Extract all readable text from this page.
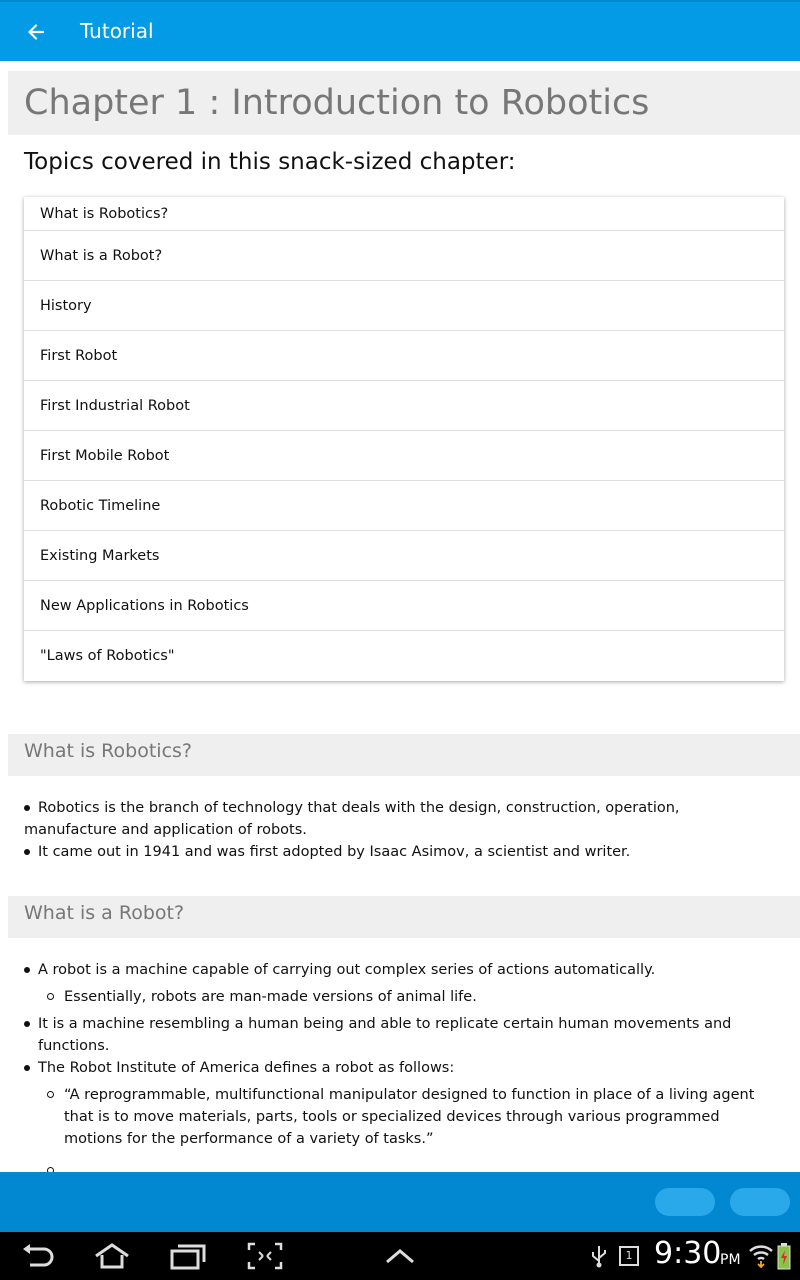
Tutorial
Chapter 1 : Introduction to Robotics
Topics covered in this snack-sized chapter:
What is Robotics?
What is a Robot?
History
First Robot
First Industrial Robot
First Mobile Robot
Robotic Timeline
Existing Markets
New Applications in Robotics
"Laws of Robotics"
What is Robotics?
Robotics is the branch of technology that deals with the design, construction, operation, manufacture and application of robots.
It came out in 1941 and was first adopted by Isaac Asimov, a scientist and writer.
What is a Robot?
A robot is a machine capable of carrying out complex series of actions automatically.
Essentially, robots are man-made versions of animal life.
It is a machine resembling a human being and able to replicate certain human movements and functions.
The Robot Institute of America defines a robot as follows:
“A reprogrammable, multifunctional manipulator designed to function in place of a living agent that is to move materials, parts, tools or specialized devices through various programmed motions for the performance of a variety of tasks.”

1 9:30
PM
